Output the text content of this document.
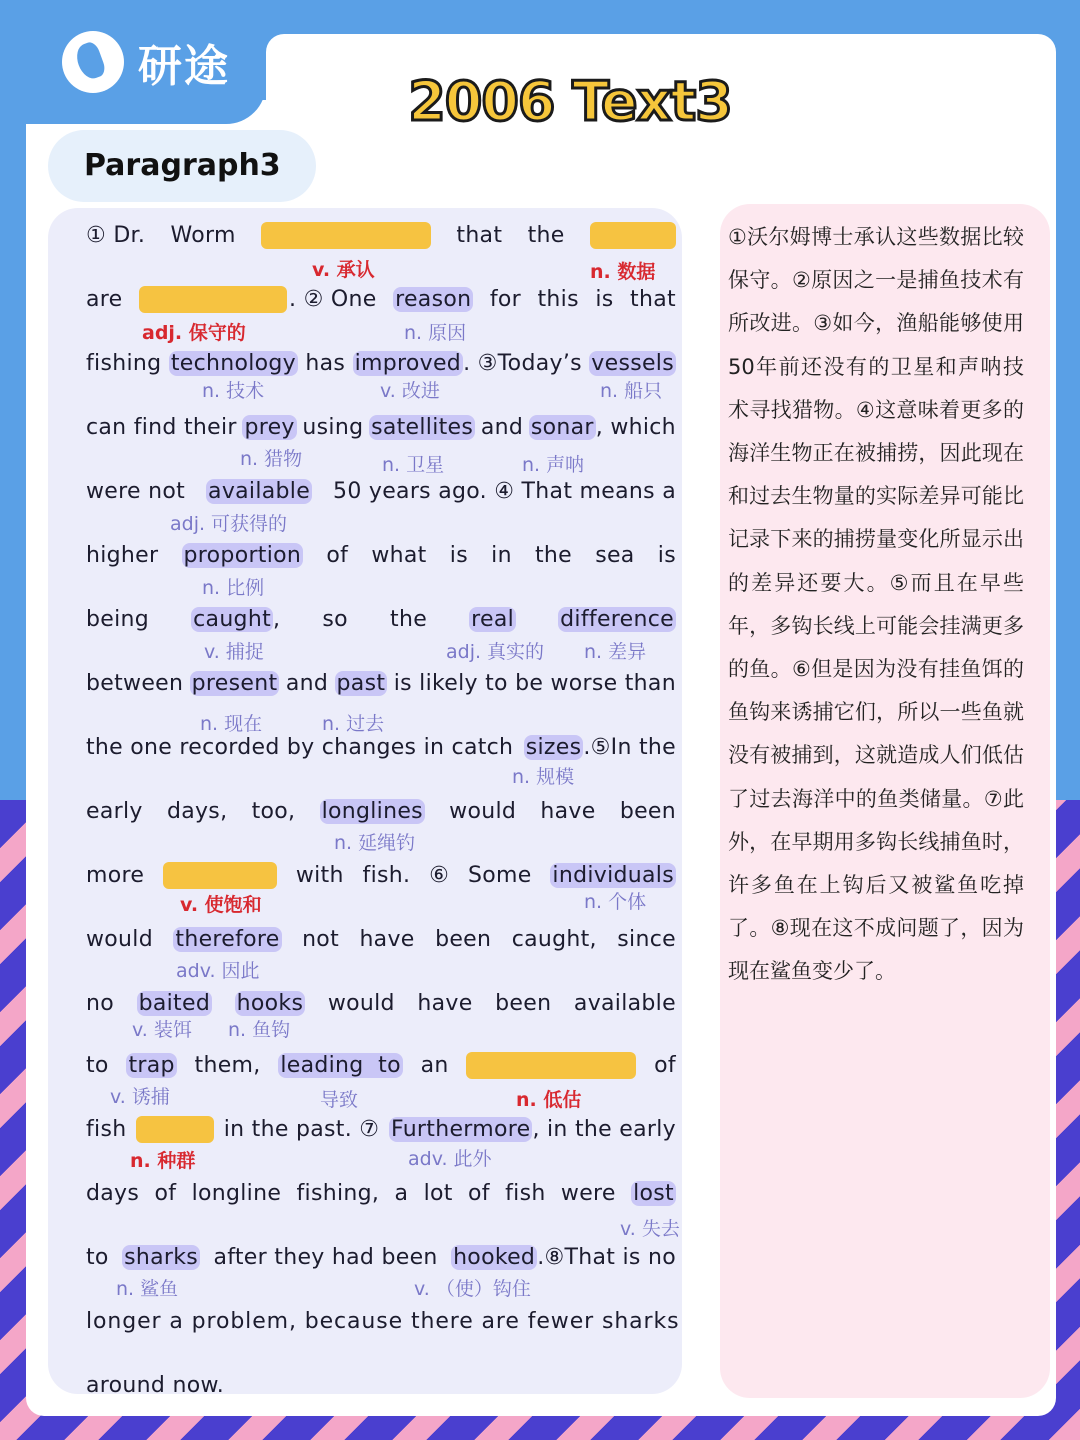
研途
2006 Text3
Paragraph3
① Dr. Worm	that the
v. 承认	n. 数据
are	. ② One reason for this is that
adj. 保守的	n. 原因
fishing technology has improved. ③Today’s vessels
n. 技术	v. 改进	n. 船只
can find their prey using satellites and sonar, which
n. 猎物	n. 卫星	n. 声呐
were not available 50 years ago. ④ That means a
adj. 可获得的
higher proportion of what is in the sea is
n. 比例
being caught, so the real difference
v. 捕捉	adj. 真实的 n. 差异
between present and past is likely to be worse than
n. 现在	n. 过去
the one recorded by changes in catch sizes.⑤In the
n. 规模
early days, too, longlines would have been
n. 延绳钓
more	with fish. ⑥ Some individuals
v. 使饱和	n. 个体
would therefore not have been caught, since
adv. 因此
no baited hooks would have been available
v. 装饵 n. 鱼钩
to trap them, leading to an	of
v. 诱捕	导致	n. 低估
fish	in the past. ⑦ Furthermore, in the early
n. 种群	adv. 此外
days of longline fishing, a lot of fish were lost
v. 失去
to sharks after they had been hooked.⑧That is no
n. 鲨鱼	v. （使）钩住
longer a problem, because there are fewer sharks
around now.
①沃尔姆博士承认这些数据比较保守。②原因之一是捕鱼技术有所改进。③如今，渔船能够使用50年前还没有的卫星和声呐技术寻找猎物。④这意味着更多的海洋生物正在被捕捞，因此现在和过去生物量的实际差异可能比记录下来的捕捞量变化所显示出的差异还要大。⑤而且在早些年，多钩长线上可能会挂满更多的鱼。⑥但是因为没有挂鱼饵的鱼钩来诱捕它们，所以一些鱼就没有被捕到，这就造成人们低估了过去海洋中的鱼类储量。⑦此外，在早期用多钩长线捕鱼时，许多鱼在上钩后又被鲨鱼吃掉了。⑧现在这不成问题了，因为现在鲨鱼变少了。
